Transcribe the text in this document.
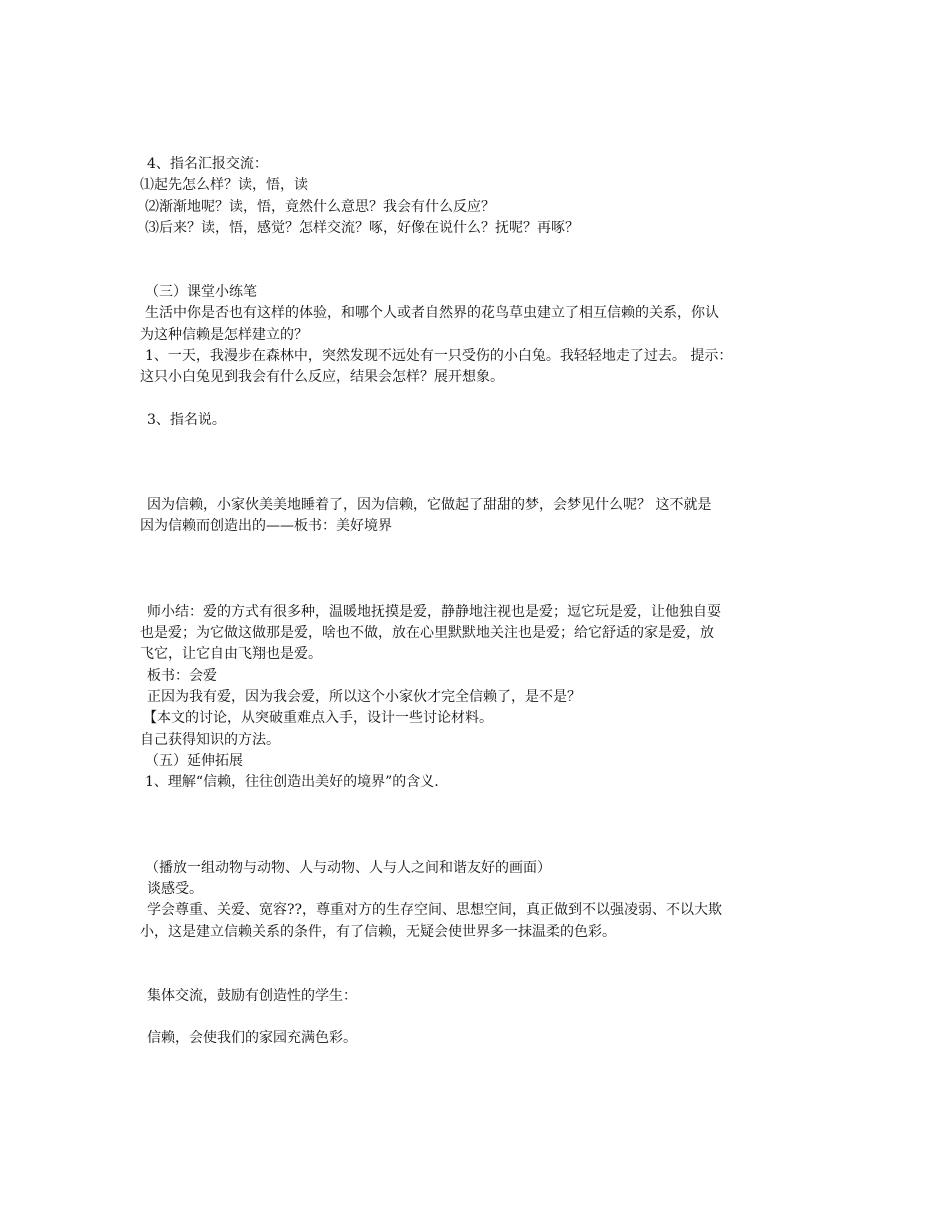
4、指名汇报交流：
⑴起先怎么样？读，悟，读
⑵渐渐地呢？读，悟，竟然什么意思？我会有什么反应？
⑶后来？读，悟，感觉？怎样交流？啄，好像在说什么？抚呢？再啄？
（三）课堂小练笔
生活中你是否也有这样的体验，和哪个人或者自然界的花鸟草虫建立了相互信赖的关系，你认
为这种信赖是怎样建立的？
1、一天，我漫步在森林中，突然发现不远处有一只受伤的小白兔。我轻轻地走了过去。 提示：
这只小白兔见到我会有什么反应，结果会怎样？展开想象。
3、指名说。
因为信赖，小家伙美美地睡着了，因为信赖，它做起了甜甜的梦，会梦见什么呢？ 这不就是
因为信赖而创造出的——板书：美好境界
师小结：爱的方式有很多种，温暖地抚摸是爱，静静地注视也是爱；逗它玩是爱，让他独自耍
也是爱；为它做这做那是爱，啥也不做，放在心里默默地关注也是爱；给它舒适的家是爱，放
飞它，让它自由飞翔也是爱。
板书：会爱
正因为我有爱，因为我会爱，所以这个小家伙才完全信赖了，是不是？
【本文的讨论，从突破重难点入手，设计一些讨论材料。
自己获得知识的方法。
（五）延伸拓展
1、理解“信赖，往往创造出美好的境界”的含义.
（播放一组动物与动物、人与动物、人与人之间和谐友好的画面）
谈感受。
学会尊重、关爱、宽容??，尊重对方的生存空间、思想空间，真正做到不以强凌弱、不以大欺
小，这是建立信赖关系的条件，有了信赖，无疑会使世界多一抹温柔的色彩。
集体交流，鼓励有创造性的学生：
信赖，会使我们的家园充满色彩。
